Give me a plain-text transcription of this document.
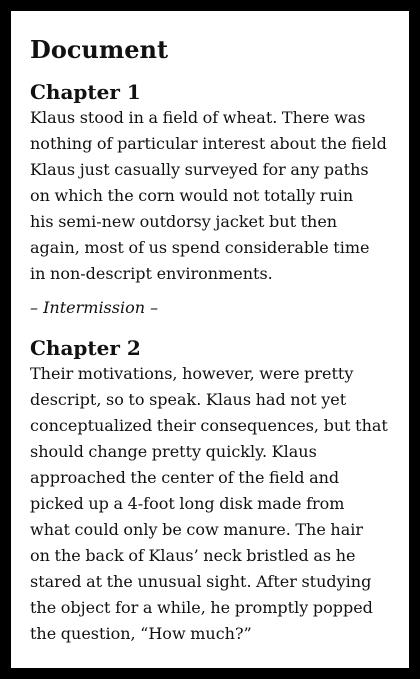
Document
Chapter 1

Klaus stood in a field of wheat. There was
nothing of particular interest about the field
Klaus just casually surveyed for any paths
on which the corn would not totally ruin
his semi-new outdorsy jacket but then
again, most of us spend considerable time
in non-descript environments.

– Intermission –

Chapter 2

Their motivations, however, were pretty
descript, so to speak. Klaus had not yet
conceptualized their consequences, but that
should change pretty quickly. Klaus
approached the center of the field and
picked up a 4-foot long disk made from
what could only be cow manure. The hair
on the back of Klaus’ neck bristled as he
stared at the unusual sight. After studying
the object for a while, he promptly popped
the question, “How much?”
